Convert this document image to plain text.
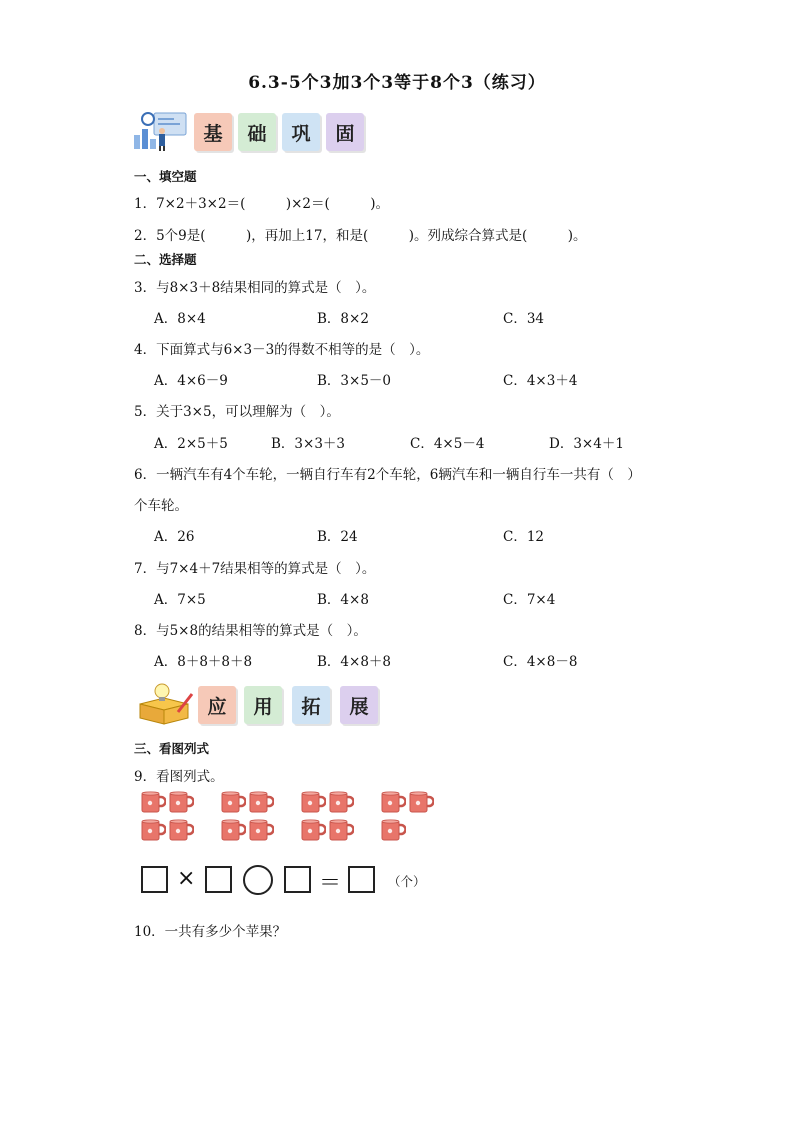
6.3-5个3加3个3等于8个3（练习）
基	础	巩	固
一、填空题
1．7×2＋3×2＝(　　　)×2＝(　　　)。
2．5个9是(　　　)，再加上17，和是(　　　)。列成综合算式是(　　　)。
二、选择题
3．与8×3＋8结果相同的算式是（　）。
A．8×4	B．8×2	C．34
4．下面算式与6×3－3的得数不相等的是（　）。
A．4×6－9	B．3×5－0	C．4×3＋4
5．关于3×5，可以理解为（　）。
A．2×5＋5	B．3×3＋3	C．4×5－4	D．3×4＋1
6．一辆汽车有4个车轮，一辆自行车有2个车轮，6辆汽车和一辆自行车一共有（　）
个车轮。
A．26	B．24	C．12
7．与7×4＋7结果相等的算式是（　）。
A．7×5	B．4×8	C．7×4
8．与5×8的结果相等的算式是（　）。
A．8＋8＋8＋8	B．4×8＋8	C．4×8－8
应	用	拓	展
三、看图列式
9．看图列式。
×	＝	（个）
10．一共有多少个苹果？
